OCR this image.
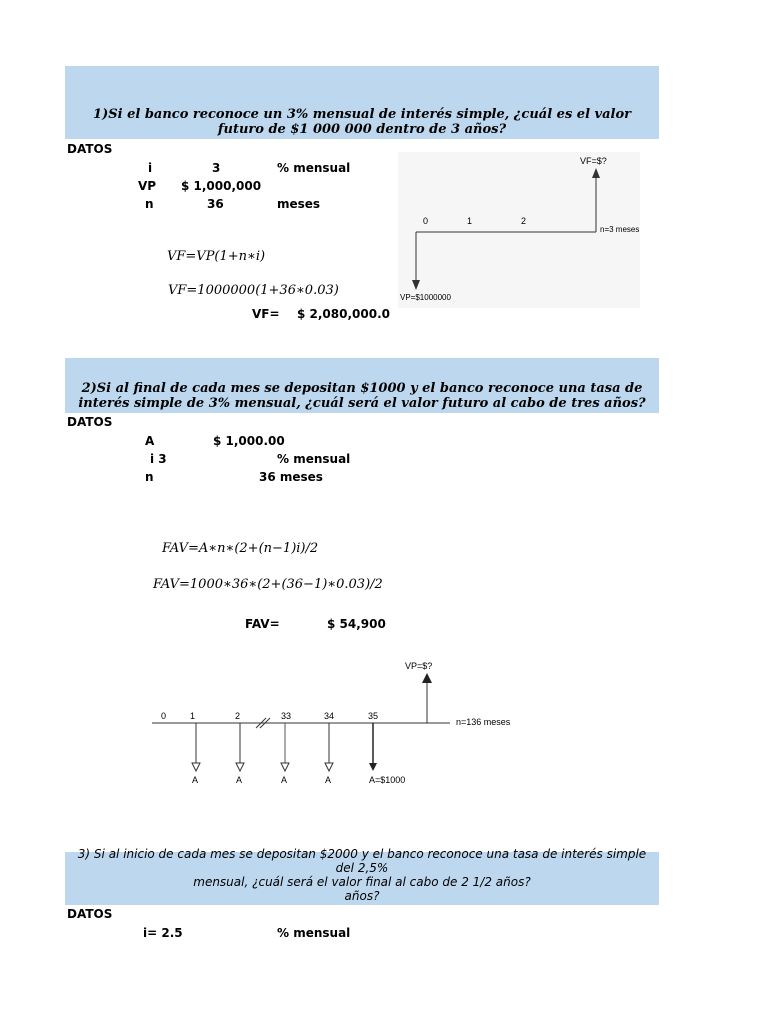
1)Si el banco reconoce un 3% mensual de interés simple, ¿cuál es el valor futuro de $1 000 000 dentro de 3 años?
DATOS
i	3	% mensual
VP $ 1,000,000
n	36	meses
VF=VP(1+n∗i)
VF=1000000(1+36∗0.03)
VF= $ 2,080,000.0
VF=$?
VP=$1000000
0	1	2
n=3 meses
2)Si al final de cada mes se depositan $1000 y el banco reconoce una tasa de interés simple de 3% mensual, ¿cuál será el valor futuro al cabo de tres años?
DATOS
A	$ 1,000.00
i 3	% mensual
n	36 meses
FAV=A∗n∗(2+(n−1)i)/2
FAV=1000∗36∗(2+(36−1)∗0.03)/2
FAV=	$ 54,900
VP=$?
0	1	2	33	34	35
n=136 meses
A	A	A	A	A=$1000
3) Si al inicio de cada mes se depositan $2000 y el banco reconoce una tasa de interés simple del 2,5%
mensual, ¿cuál será el valor final al cabo de 2 1/2 años?
años?
DATOS
i= 2.5	% mensual
